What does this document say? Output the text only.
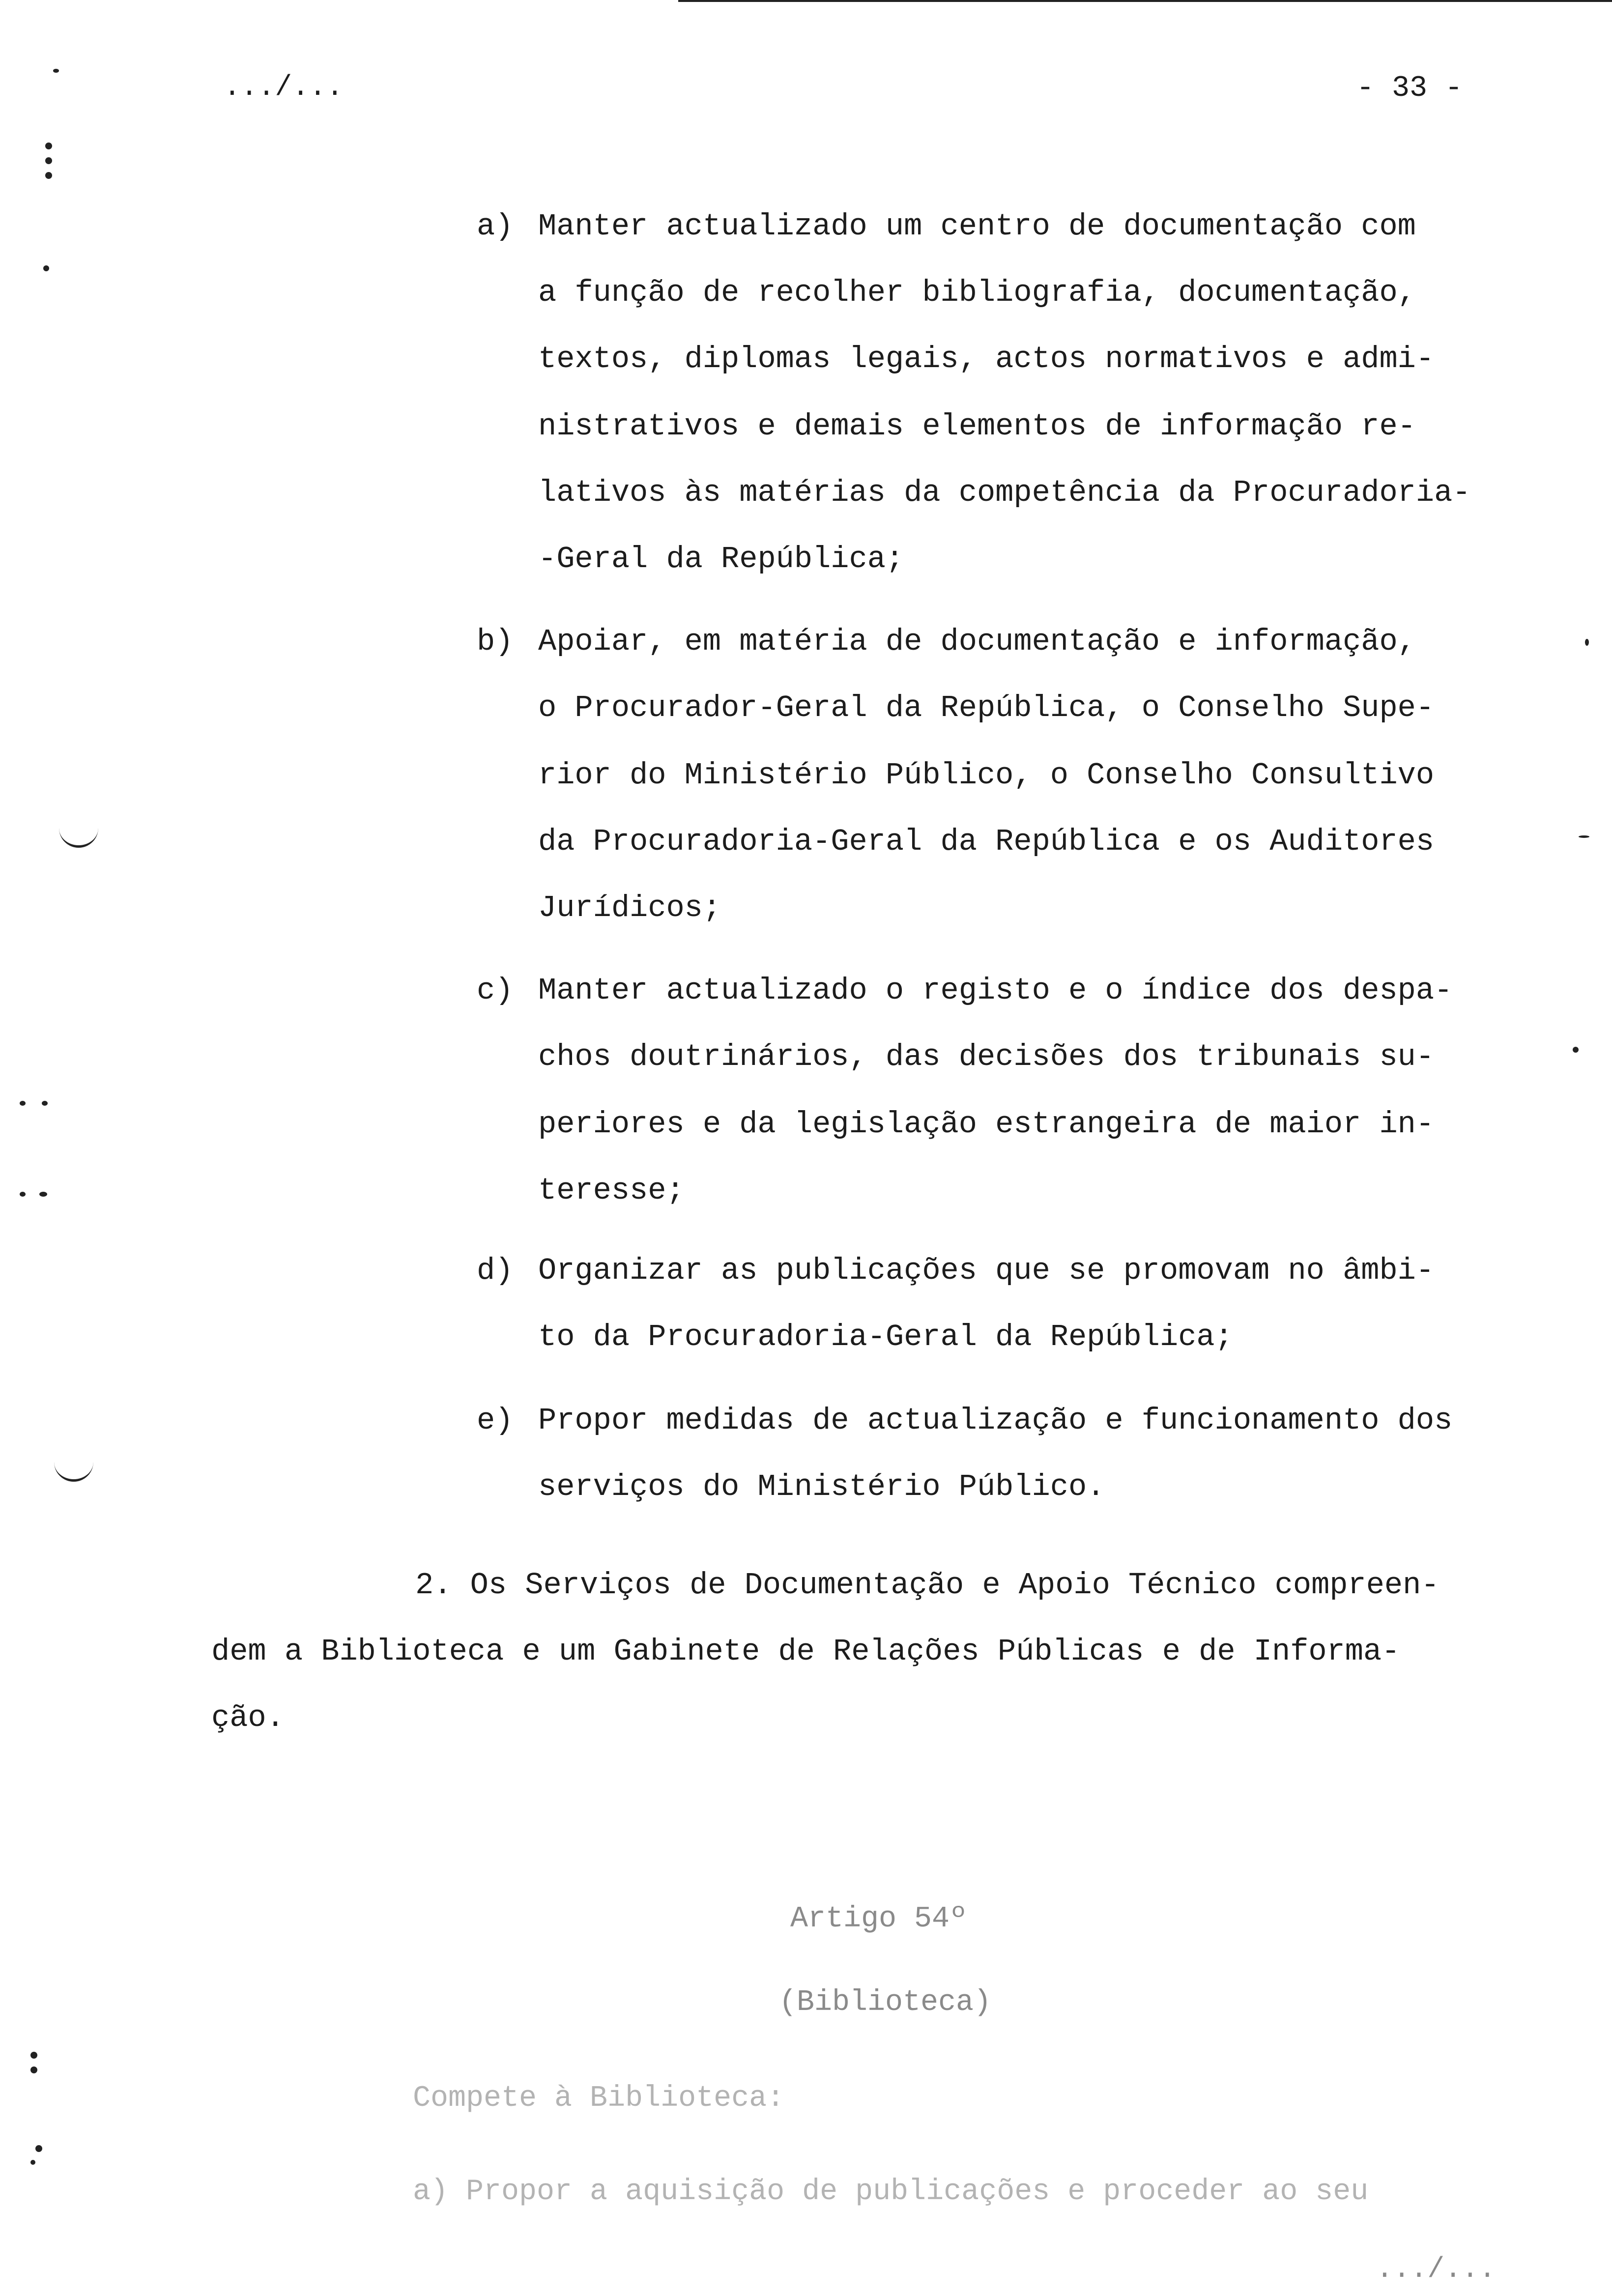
.../...	- 33 -
a) Manter actualizado um centro de documentação com
a função de recolher bibliografia, documentação,
textos, diplomas legais, actos normativos e admi-
nistrativos e demais elementos de informação re-
lativos às matérias da competência da Procuradoria-
-Geral da República;
b) Apoiar, em matéria de documentação e informação,
o Procurador-Geral da República, o Conselho Supe-
rior do Ministério Público, o Conselho Consultivo
da Procuradoria-Geral da República e os Auditores
Jurídicos;
c) Manter actualizado o registo e o índice dos despa-
chos doutrinários, das decisões dos tribunais su-
periores e da legislação estrangeira de maior in-
teresse;
d) Organizar as publicações que se promovam no âmbi-
to da Procuradoria-Geral da República;
e) Propor medidas de actualização e funcionamento dos
serviços do Ministério Público.
2. Os Serviços de Documentação e Apoio Técnico compreen-
dem a Biblioteca e um Gabinete de Relações Públicas e de Informa-
ção.
Artigo 54º
(Biblioteca)
Compete à Biblioteca:
a) Propor a aquisição de publicações e proceder ao seu
.../...
